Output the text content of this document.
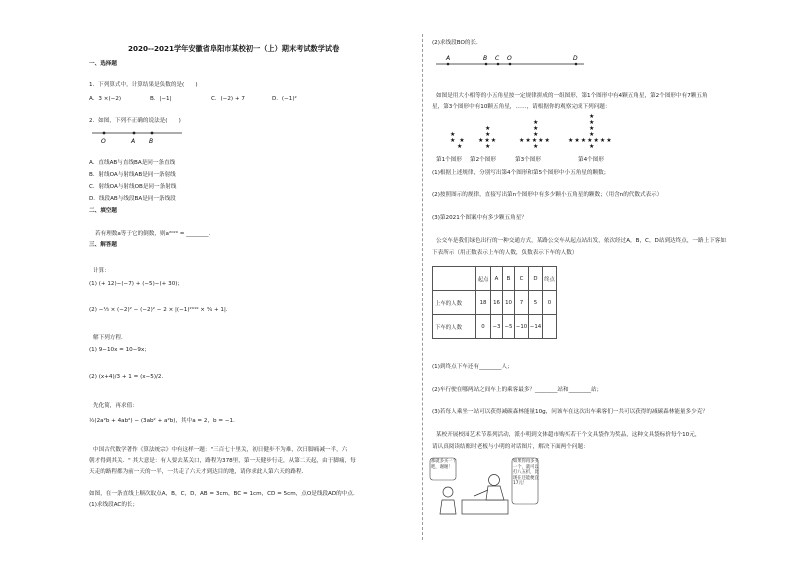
2020--2021学年安徽省阜阳市某校初一（上）期末考试数学试卷
一、选择题
1．下列算式中，计算结果是负数的是(　　)
A．3 ×(−2)	B．|−1|	C．(−2) + 7	D．(−1)²
2．如图，下列不正确的说法是(　　)
O	A B
A．直线AB与直线BA是同一条直线
B．射线OA与射线AB是同一条射线
C．射线OA与射线OB是同一条射线
D．线段AB与线段BA是同一条线段
二、填空题
若有理数a等于它的倒数，则a²⁰²⁰ = ________.
三、解答题
计算：
(1) (+ 12)−(−7) + (−5)−(+ 30)；
(2) −¹⁄₃ × (−2)² − (−2)² − 2 × |(−1)²⁰¹⁹ × ³⁄₄ + 1|．
解下列方程．
(1) 9−10x = 10−9x；
(2) (x+4)/3 + 1 = (x−5)/2．
先化简，再求值：
½(2a²b + 4ab²) − (3ab² + a²b)，其中a = 2，b = −1.
中国古代数学著作《算法统宗》中有这样一题："三百七十里关，初日健步不为难，次日脚痛减一半，六
朝才得到其关．" 其大意是：有人要去某关口，路程为378里，第一天健步行走，从第二天起，由于脚痛，每
天走的路程都为前一天的一半，一共走了六天才到达目的地，请你求此人第六天的路程．
如图，在一条直线上顺次取点A，B，C，D，AB = 3cm，BC = 1cm，CD = 5cm，点O是线段AD的中点．
(1)求线段AC的长；
(2)求线段BO的长．
A	B C O	D
如图是用大小相等的小五角星按一定规律拼成的一组图形，第1个图形中有4颗五角星，第2个图形中有7颗五角
星，第3个图形中有10颗五角星，……，请根据你的观察完成下列问题：
★
★ ★
　★
　★
　★
★★★
　★
　　★
　　★
　　★
★★★★★
　　★
　　　★
　　　★
　　　★
　　　★
★★★★★★★
　　　★
第1个图形 第2个图形	第3个图形	第4个图形
(1)根据上述规律，分别写出第4个图形和第5个图形中小五角星的颗数；
(2)按照图示的规律，直接写出第n个图形中有多少颗小五角星的颗数；（用含n的代数式表示）
(3)第2021个图案中有多少颗五角星？
公交车是我们绿色出行的一种交通方式，某路公交车从起点站出发，依次经过A，B，C，D站到达终点，一路上下客如
下表所示（用正数表示上车的人数，负数表示下车的人数）
	起点	A	B	C	D	终点
上车的人数	18	16	10	7	5	0
下车的人数	0	−3	−5	−10	−14	
(1)到终点下车还有________人；
(2)车行驶在哪两站之间车上的乘客最多？________站和________站；
(3)若每人乘坐一站可以获得减碳森林能量10g，问该车在这次出车乘客们一共可以获得的减碳森林能量多少克？
某校开展校园艺术节系列活动，派小明到文体超市购买若干个文具袋作为奖品，这种文具袋标价每个10元，
请认真阅读结账时老板与小明的对话图片，解决下面两个问题：
那就多买一个吧，谢谢！
如果你再多买一个，就可以打八五折，比现在还能便宜17元！
